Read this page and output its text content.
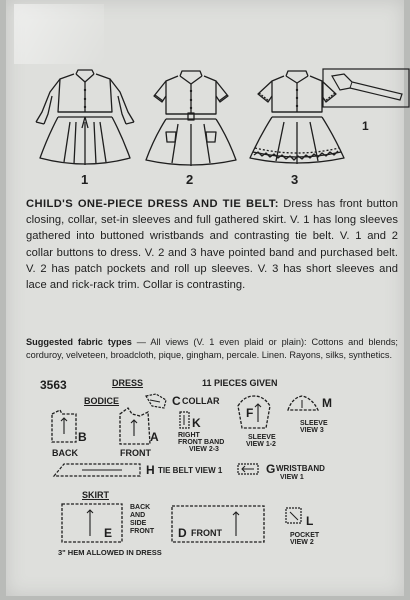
1	2	3
1
CHILD'S ONE-PIECE DRESS AND TIE BELT: Dress has front button closing, collar, set-in sleeves and full gathered skirt. V. 1 has long sleeves gathered into buttoned wristbands and contrasting tie belt. V. 1 and 2 collar buttons to dress. V. 2 and 3 have pointed band and purchased belt. V. 2 has patch pockets and roll up sleeves. V. 3 has short sleeves and lace and rick-rack trim. Collar is contrasting.
Suggested fabric types — All views (V. 1 even plaid or plain): Cottons and blends; corduroy, velveteen, broadcloth, pique, gingham, percale. Linen. Rayons, silks, synthetics.
3563	DRESS	11 PIECES GIVEN
BODICE
B
BACK
A
FRONT
C COLLAR
K
RIGHT
FRONT BAND
VIEW 2-3
F
SLEEVE
VIEW 1-2
M
SLEEVE
VIEW 3
H TIE BELT VIEW 1	G WRISTBAND
VIEW 1
SKIRT
E
BACK
AND
SIDE
FRONT D FRONT
L
POCKET
VIEW 2
3" HEM ALLOWED IN DRESS
